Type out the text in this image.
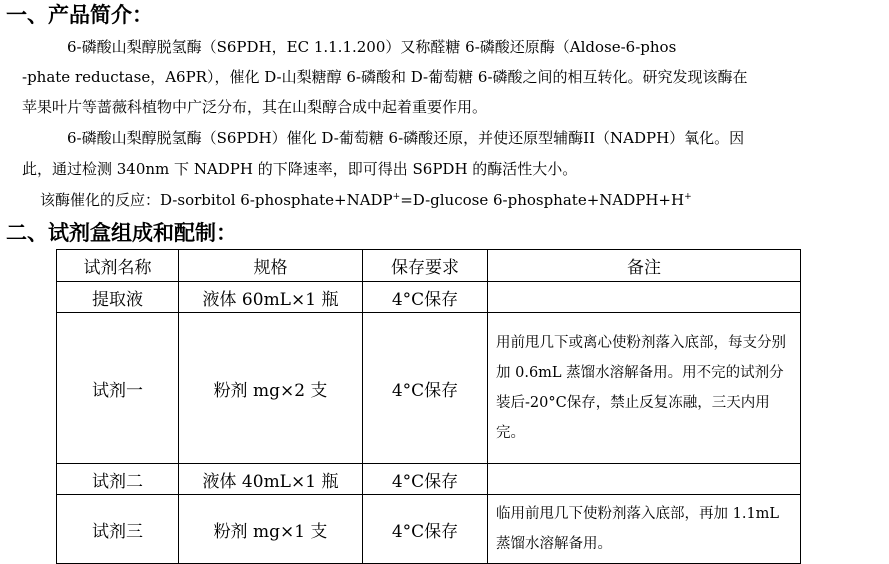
一、产品简介：
6-磷酸山梨醇脱氢酶（S6PDH，EC 1.1.1.200）又称醛糖 6-磷酸还原酶（Aldose-6-phos
-phate reductase，A6PR），催化 D-山梨糖醇 6-磷酸和 D-葡萄糖 6-磷酸之间的相互转化。研究发现该酶在
苹果叶片等蔷薇科植物中广泛分布，其在山梨醇合成中起着重要作用。
6-磷酸山梨醇脱氢酶（S6PDH）催化 D-葡萄糖 6-磷酸还原，并使还原型辅酶II（NADPH）氧化。因
此，通过检测 340nm 下 NADPH 的下降速率，即可得出 S6PDH 的酶活性大小。
该酶催化的反应：D-sorbitol 6-phosphate+NADP+=D-glucose 6-phosphate+NADPH+H+
二、试剂盒组成和配制：
试剂名称	规格	保存要求	备注
提取液	液体 60mL×1 瓶	4°C保存	
试剂一	粉剂 mg×2 支	4°C保存	用前甩几下或离心使粉剂落入底部，每支分别加 0.6mL 蒸馏水溶解备用。用不完的试剂分装后-20°C保存，禁止反复冻融，三天内用完。
试剂二	液体 40mL×1 瓶	4°C保存	
试剂三	粉剂 mg×1 支	4°C保存	临用前甩几下使粉剂落入底部，再加 1.1mL 蒸馏水溶解备用。
